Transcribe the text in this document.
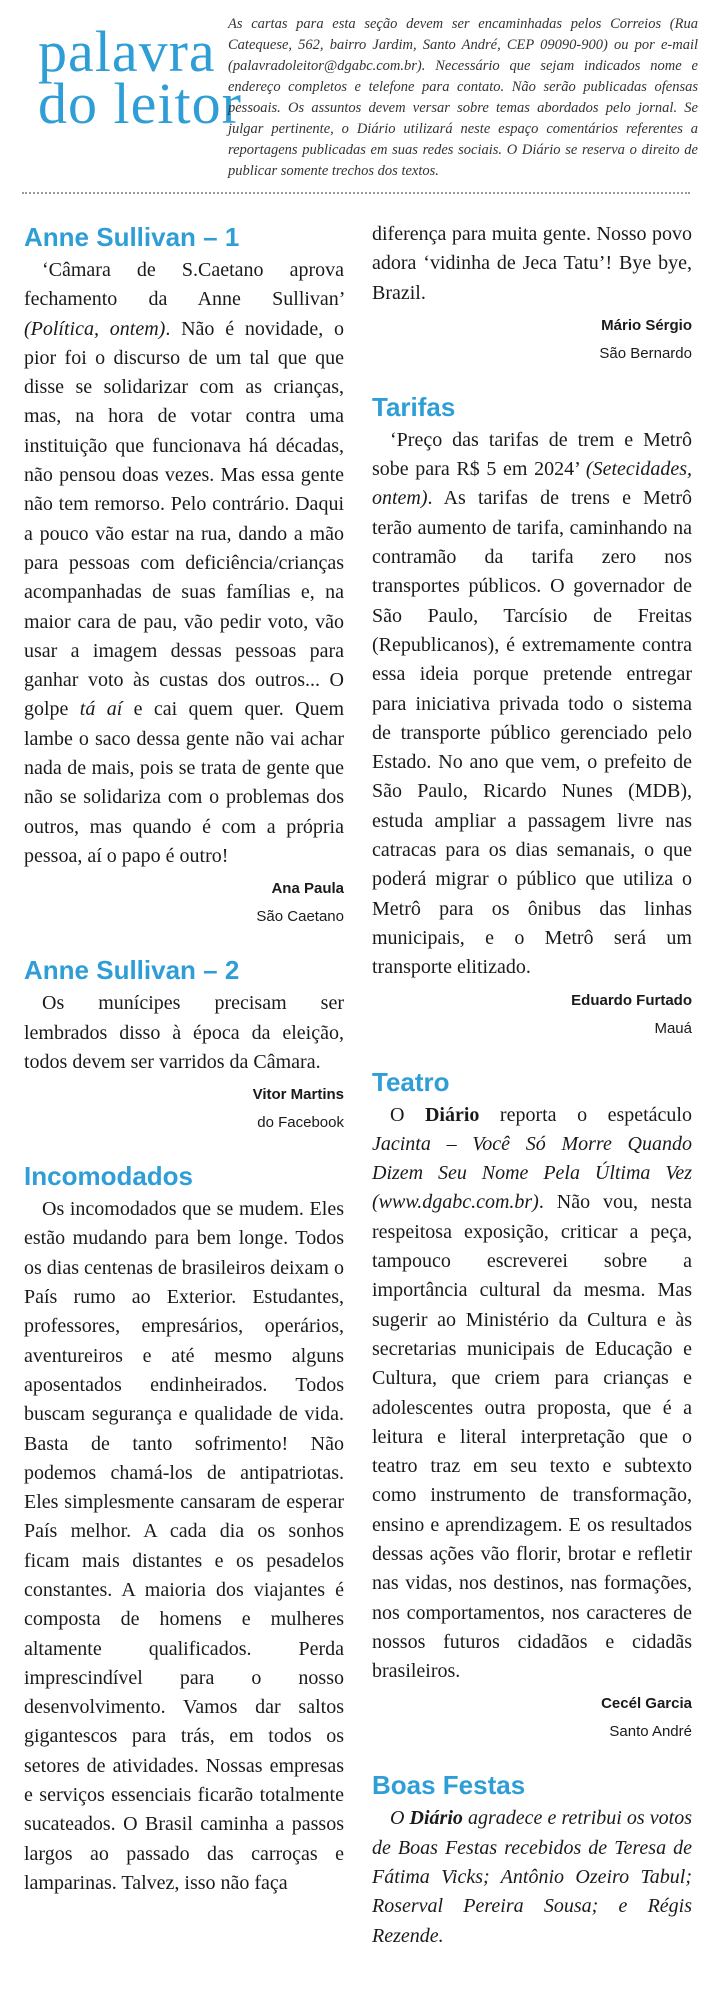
palavra
do leitor
As cartas para esta seção devem ser encaminhadas pelos Correios (Rua Catequese, 562, bairro Jardim, Santo André, CEP 09090-900) ou por e-mail (palavradoleitor@dgabc.com.br). Necessário que sejam indicados nome e endereço completos e telefone para contato. Não serão publicadas ofensas pessoais. Os assuntos devem versar sobre temas abordados pelo jornal. Se julgar pertinente, o Diário utilizará neste espaço comentários referentes a reportagens publicadas em suas redes sociais. O Diário se reserva o direito de publicar somente trechos dos textos.
Anne Sullivan – 1

‘Câmara de S.Caetano aprova fechamento da Anne Sullivan’ (Política, ontem). Não é novidade, o pior foi o discurso de um tal que que disse se solidarizar com as crianças, mas, na hora de votar contra uma instituição que funcionava há décadas, não pensou doas vezes. Mas essa gente não tem remorso. Pelo contrário. Daqui a pouco vão estar na rua, dando a mão para pessoas com deficiência/crianças acompanhadas de suas famílias e, na maior cara de pau, vão pedir voto, vão usar a imagem dessas pessoas para ganhar voto às custas dos outros... O golpe tá aí e cai quem quer. Quem lambe o saco dessa gente não vai achar nada de mais, pois se trata de gente que não se solidariza com o problemas dos outros, mas quando é com a própria pessoa, aí o papo é outro!

Ana Paula
São Caetano
Anne Sullivan – 2

Os munícipes precisam ser lembrados disso à época da eleição, todos devem ser varridos da Câmara.

Vitor Martins
do Facebook
Incomodados

Os incomodados que se mudem. Eles estão mudando para bem longe. Todos os dias centenas de brasileiros deixam o País rumo ao Exterior. Estudantes, professores, empresários, operários, aventureiros e até mesmo alguns aposentados endinheirados. Todos buscam segurança e qualidade de vida. Basta de tanto sofrimento! Não podemos chamá-los de antipatriotas. Eles simplesmente cansaram de esperar País melhor. A cada dia os sonhos ficam mais distantes e os pesadelos constantes. A maioria dos viajantes é composta de homens e mulheres altamente qualificados. Perda imprescindível para o nosso desenvolvimento. Vamos dar saltos gigantescos para trás, em todos os setores de atividades. Nossas empresas e serviços essenciais ficarão totalmente sucateados. O Brasil caminha a passos largos ao passado das carroças e lamparinas. Talvez, isso não faça

diferença para muita gente. Nosso povo adora ‘vidinha de Jeca Tatu’! Bye bye, Brazil.

Mário Sérgio
São Bernardo
Tarifas

‘Preço das tarifas de trem e Metrô sobe para R$ 5 em 2024’ (Setecidades, ontem). As tarifas de trens e Metrô terão aumento de tarifa, caminhando na contramão da tarifa zero nos transportes públicos. O governador de São Paulo, Tarcísio de Freitas (Republicanos), é extremamente contra essa ideia porque pretende entregar para iniciativa privada todo o sistema de transporte público gerenciado pelo Estado. No ano que vem, o prefeito de São Paulo, Ricardo Nunes (MDB), estuda ampliar a passagem livre nas catracas para os dias semanais, o que poderá migrar o público que utiliza o Metrô para os ônibus das linhas municipais, e o Metrô será um transporte elitizado.

Eduardo Furtado
Mauá
Teatro

O Diário reporta o espetáculo Jacinta – Você Só Morre Quando Dizem Seu Nome Pela Última Vez (www.dgabc.com.br). Não vou, nesta respeitosa exposição, criticar a peça, tampouco escreverei sobre a importância cultural da mesma. Mas sugerir ao Ministério da Cultura e às secretarias municipais de Educação e Cultura, que criem para crianças e adolescentes outra proposta, que é a leitura e literal interpretação que o teatro traz em seu texto e subtexto como instrumento de transformação, ensino e aprendizagem. E os resultados dessas ações vão florir, brotar e refletir nas vidas, nos destinos, nas formações, nos comportamentos, nos caracteres de nossos futuros cidadãos e cidadãs brasileiros.

Cecél Garcia
Santo André
Boas Festas

O Diário agradece e retribui os votos de Boas Festas recebidos de Teresa de Fátima Vicks; Antônio Ozeiro Tabul; Roserval Pereira Sousa; e Régis Rezende.
